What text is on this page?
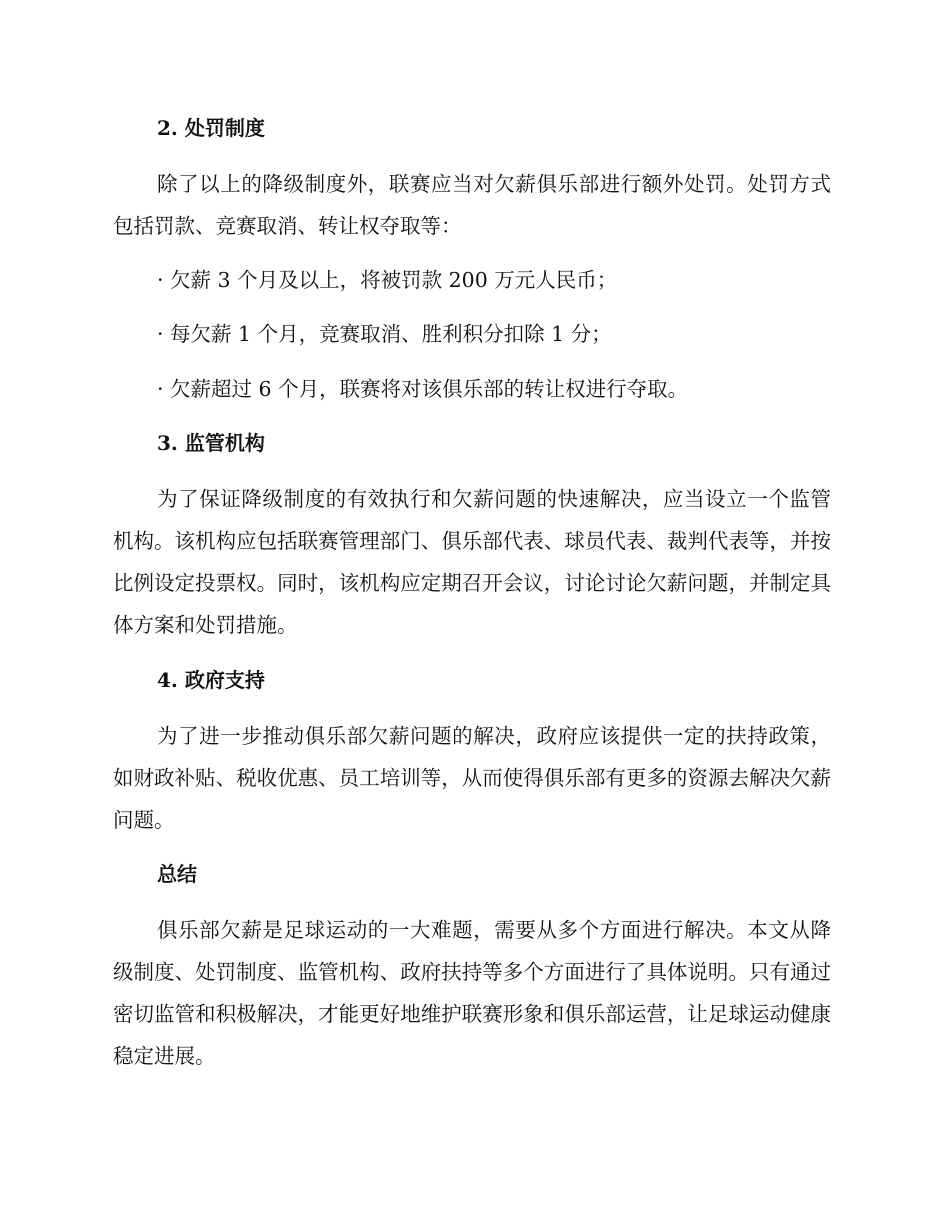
2. 处罚制度

除了以上的降级制度外，联赛应当对欠薪俱乐部进行额外处罚。处罚方式包括罚款、竞赛取消、转让权夺取等：

· 欠薪 3 个月及以上，将被罚款 200 万元人民币；

· 每欠薪 1 个月，竞赛取消、胜利积分扣除 1 分；

· 欠薪超过 6 个月，联赛将对该俱乐部的转让权进行夺取。

3. 监管机构

为了保证降级制度的有效执行和欠薪问题的快速解决，应当设立一个监管机构。该机构应包括联赛管理部门、俱乐部代表、球员代表、裁判代表等，并按比例设定投票权。同时，该机构应定期召开会议，讨论讨论欠薪问题，并制定具体方案和处罚措施。

4. 政府支持

为了进一步推动俱乐部欠薪问题的解决，政府应该提供一定的扶持政策，如财政补贴、税收优惠、员工培训等，从而使得俱乐部有更多的资源去解决欠薪问题。

总结

俱乐部欠薪是足球运动的一大难题，需要从多个方面进行解决。本文从降级制度、处罚制度、监管机构、政府扶持等多个方面进行了具体说明。只有通过密切监管和积极解决，才能更好地维护联赛形象和俱乐部运营，让足球运动健康稳定进展。
